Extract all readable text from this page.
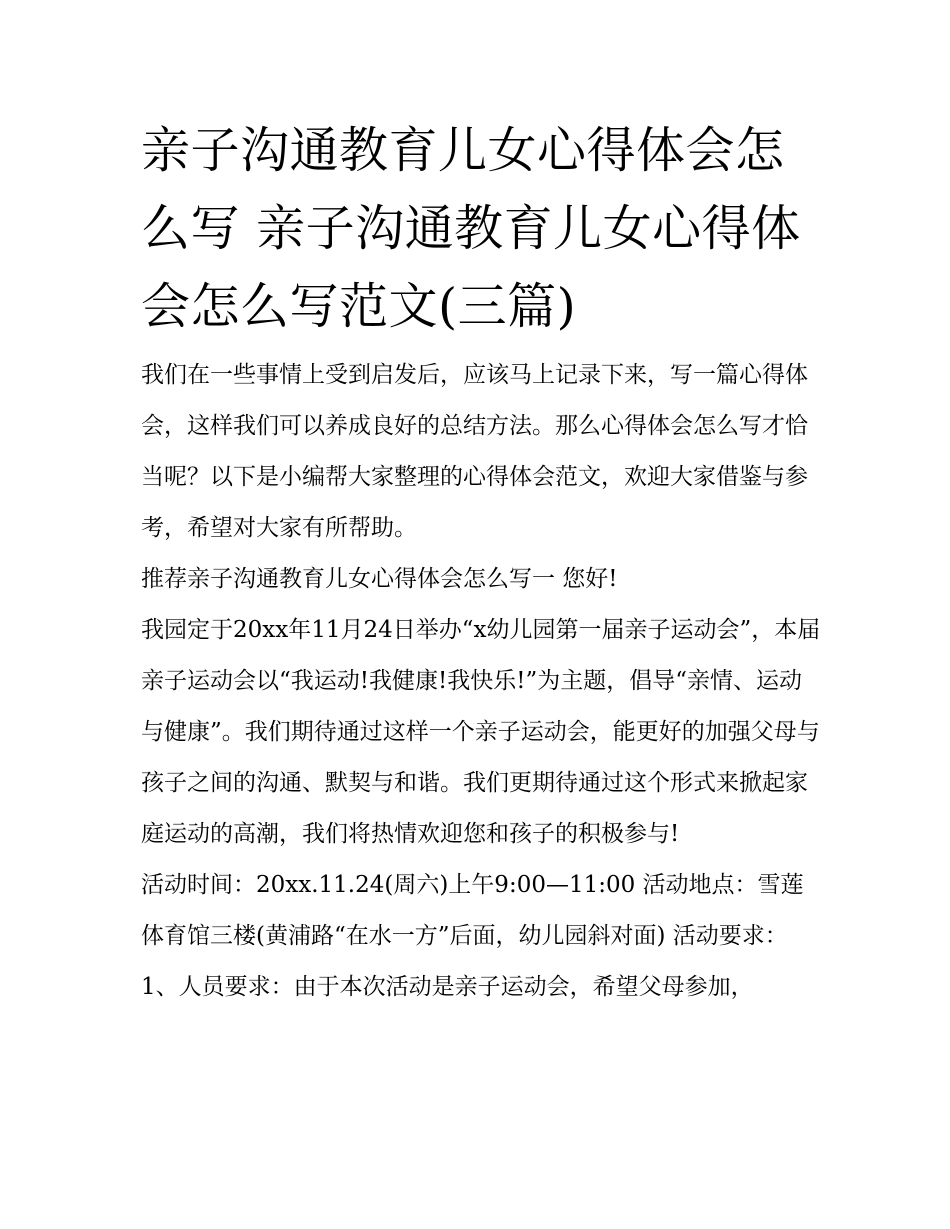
亲子沟通教育儿女心得体会怎么写 亲子沟通教育儿女心得体会怎么写范文(三篇)

我们在一些事情上受到启发后，应该马上记录下来，写一篇心得体会，这样我们可以养成良好的总结方法。那么心得体会怎么写才恰当呢？以下是小编帮大家整理的心得体会范文，欢迎大家借鉴与参考，希望对大家有所帮助。

推荐亲子沟通教育儿女心得体会怎么写一 您好!

我园定于20xx年11月24日举办“x幼儿园第一届亲子运动会”，本届亲子运动会以“我运动!我健康!我快乐!”为主题，倡导“亲情、运动与健康”。我们期待通过这样一个亲子运动会，能更好的加强父母与孩子之间的沟通、默契与和谐。我们更期待通过这个形式来掀起家庭运动的高潮，我们将热情欢迎您和孩子的积极参与!

活动时间：20xx.11.24(周六)上午9:00—11:00 活动地点：雪莲体育馆三楼(黄浦路“在水一方”后面，幼儿园斜对面) 活动要求：

1、人员要求：由于本次活动是亲子运动会，希望父母参加，
